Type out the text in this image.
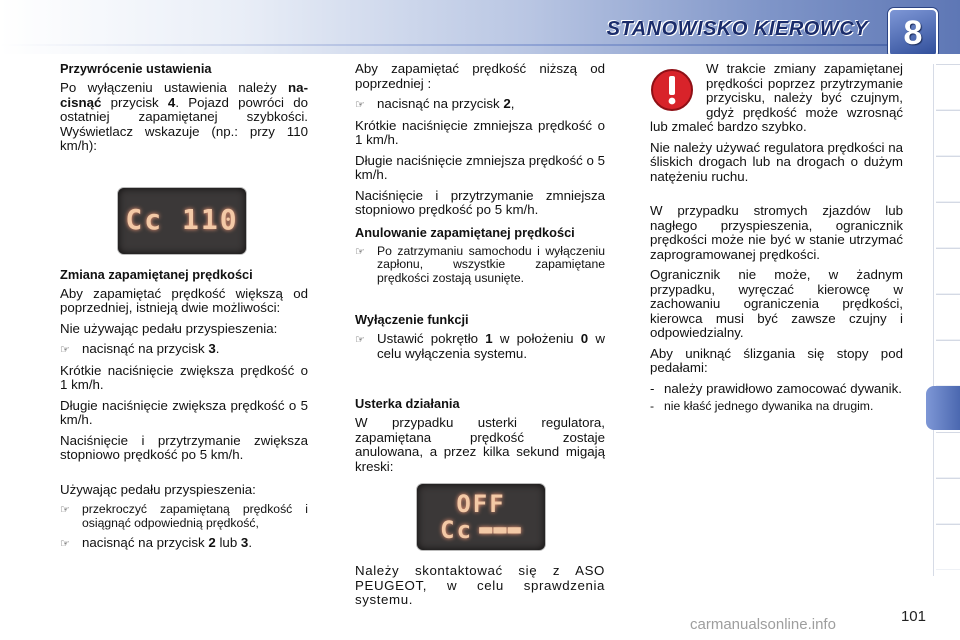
STANOWISKO KIEROWCY	8
Przywrócenie ustawienia

Po wyłączeniu ustawienia należy na-cisnąć przycisk 4. Pojazd powróci do ostatniej zapamiętanej szybkości. Wyświetlacz wskazuje (np.: przy 110 km/h):

Cc 110
Zmiana zapamiętanej prędkości

Aby zapamiętać prędkość większą od poprzedniej, istnieją dwie możliwości:

Nie używając pedału przyspieszenia:

☞ nacisnąć na przycisk 3.

Krótkie naciśnięcie zwiększa prędkość o 1 km/h.

Długie naciśnięcie zwiększa prędkość o 5 km/h.

Naciśnięcie i przytrzymanie zwiększa stopniowo prędkość po 5 km/h.

Używając pedału przyspieszenia:

☞ przekroczyć zapamiętaną prędkość i osiągnąć odpowiednią prędkość,
☞ nacisnąć na przycisk 2 lub 3.

Aby zapamiętać prędkość niższą od poprzedniej :

☞ nacisnąć na przycisk 2,

Krótkie naciśnięcie zmniejsza prędkość o 1 km/h.

Długie naciśnięcie zmniejsza prędkość o 5 km/h.

Naciśnięcie i przytrzymanie zmniejsza stopniowo prędkość po 5 km/h.

Anulowanie zapamiętanej prędkości
☞ Po zatrzymaniu samochodu i wyłączeniu zapłonu, wszystkie zapamiętane prędkości zostają usunięte.
Wyłączenie funkcji
☞ Ustawić pokrętło 1 w położeniu 0 w celu wyłączenia systemu.
Usterka działania

W przypadku usterki regulatora, zapamiętana prędkość zostaje anulowana, a przez kilka sekund migają kreski:

OFF
Cc ▬▬▬

Należy skontaktować się z ASO PEUGEOT, w celu sprawdzenia systemu.

W trakcie zmiany zapamiętanej prędkości poprzez przytrzymanie przycisku, należy być czujnym, gdyż prędkość może wzrosnąć lub zmaleć bardzo szybko.

Nie należy używać regulatora prędkości na śliskich drogach lub na drogach o dużym natężeniu ruchu.

W przypadku stromych zjazdów lub nagłego przyspieszenia, ogranicznik prędkości może nie być w stanie utrzymać zaprogramowanej prędkości.

Ogranicznik nie może, w żadnym przypadku, wyręczać kierowcę w zachowaniu ograniczenia prędkości, kierowca musi być zawsze czujny i odpowiedzialny.

Aby uniknąć ślizgania się stopy pod pedałami:

- należy prawidłowo zamocować dywanik.
- nie kłaść jednego dywanika na drugim.
101
carmanualsonline.info
